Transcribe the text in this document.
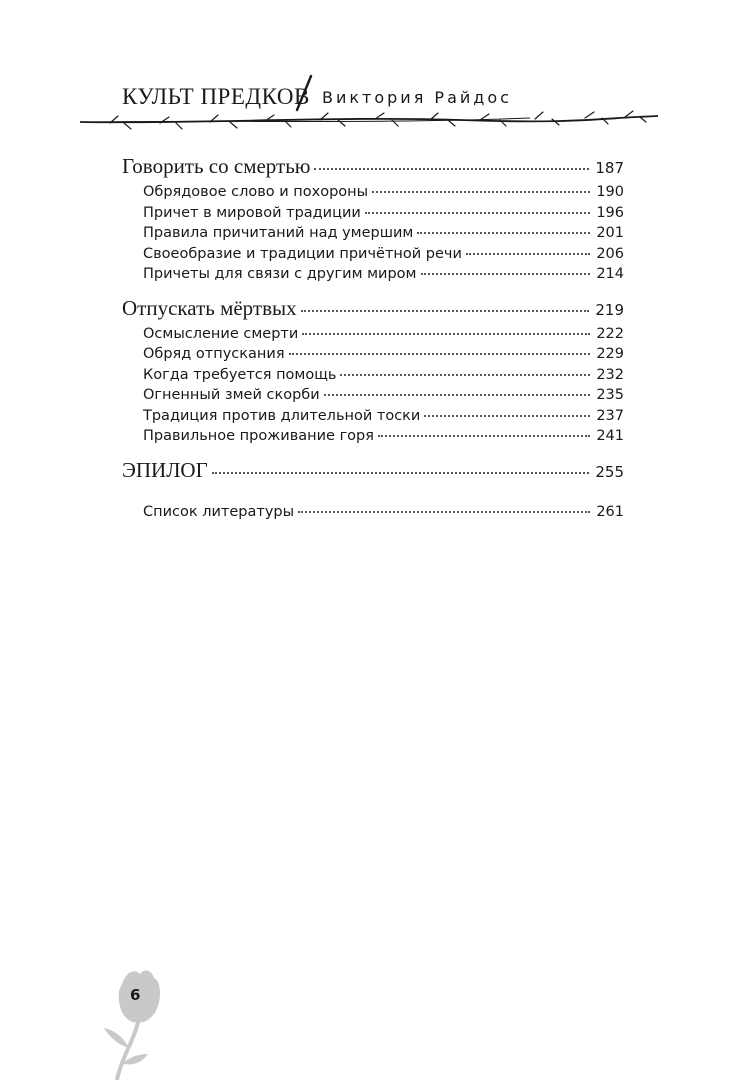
КУЛЬТ ПРЕДКОВ Виктория Райдос
Говорить со смертью	187
Обрядовое слово и похороны	190
Причет в мировой традиции	196
Правила причитаний над умершим	201
Своеобразие и традиции причётной речи	206
Причеты для связи с другим миром	214
Отпускать мёртвых	219
Осмысление смерти	222
Обряд отпускания	229
Когда требуется помощь	232
Огненный змей скорби	235
Традиция против длительной тоски	237
Правильное проживание горя	241
ЭПИЛОГ	255
Список литературы	261
6
